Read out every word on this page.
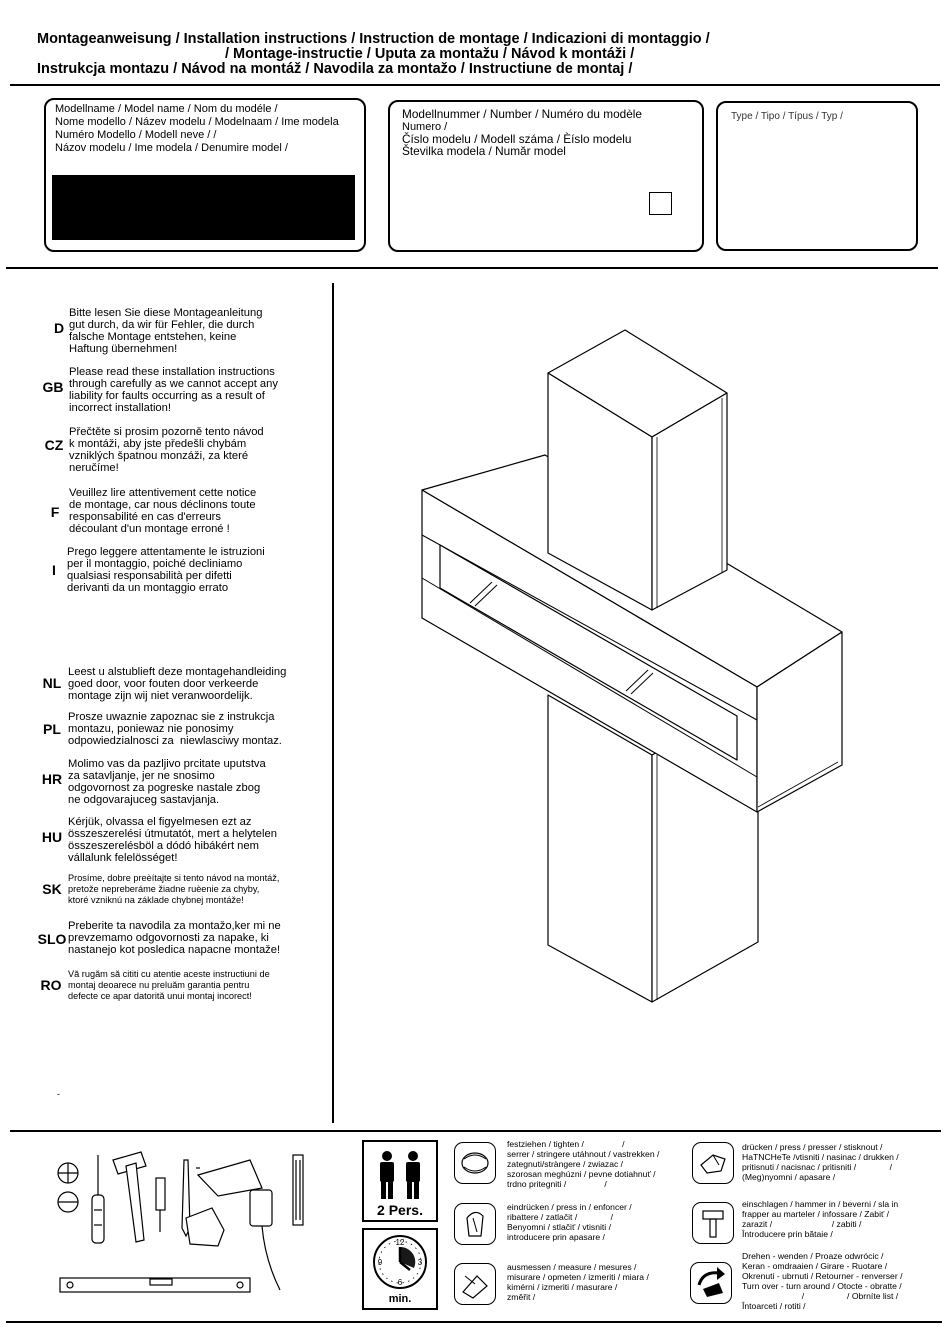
Montageanweisung / Installation instructions / Instruction de montage / Indicazioni di montaggio /
/ Montage-instructie / Uputa za montažu / Návod k montáži /
Instrukcja montazu / Návod na montáž / Navodila za montažo / Instructiune de montaj /
Modellname / Model name / Nom du modéle /
Nome modello / Název modelu / Modelnaam / Ime modela
Numéro Modello / Modell neve / /
Názov modelu / Ime modela / Denumire model /
Modellnummer / Number / Numéro du modèle
Numero /
Číslo modelu / Modell száma / Èíslo modelu
Številka modela / Număr model
Type / Tipo / Típus / Typ /
D
Bitte lesen Sie diese Montageanleitung
gut durch, da wir für Fehler, die durch
falsche Montage entstehen, keine
Haftung übernehmen!
GB
Please read these installation instructions
through carefully as we cannot accept any
liability for faults occurring as a result of
incorrect installation!
CZ
Přečtěte si prosim pozorně tento návod
k montáži, aby jste předešli chybám
vzniklých špatnou monzáži, za které
neručíme!
F
Veuillez lire attentivement cette notice
de montage, car nous déclinons toute
responsabilité en cas d'erreurs
découlant d'un montage erroné !
I
Prego leggere attentamente le istruzioni
per il montaggio, poiché decliniamo
qualsiasi responsabilità per difetti
derivanti da un montaggio errato
NL
Leest u alstublieft deze montagehandleiding
goed door, voor fouten door verkeerde
montage zijn wij niet veranwoordelijk.
PL
Prosze uwaznie zapoznac sie z instrukcja
montazu, poniewaz nie ponosimy
odpowiedzialnosci za  niewlasciwy montaz.
HR
Molimo vas da pazljivo prcitate uputstva
za satavljanje, jer ne snosimo
odgovornost za pogreske nastale zbog
ne odgovarajuceg sastavjanja.
HU
Kérjük, olvassa el figyelmesen ezt az
összeszerelési útmutatót, mert a helytelen
összeszerelésböl a dódó hibákért nem
vállalunk felelösséget!
SK
Prosíme, dobre preèítajte si tento návod na montáž,
pretože nepreberáme žiadne ruèenie za chyby,
ktoré vzniknú na základe chybnej montáže!
SLO
Preberite ta navodila za montažo,ker mi ne
prevzemamo odgovornosti za napake, ki
nastanejo kot posledica napacne montaže!
RO
Vă rugăm să cititi cu atentie aceste instructiuni de
montaj deoarece nu preluăm garantia pentru
defecte ce apar datorită unui montaj incorect!
-
2 Pers.
12
3
6
9
min.
festziehen / tighten /                /
serrer / stringere utáhnout / vastrekken /
zategnuti/stràngere / zwiazac /
szorosan meghúzni / pevne dotiahnuť /
trdno pritegniti /                /
drücken / press / presser / stisknout /
HaTNCHeTe /vtisniti / nasinac / drukken /
pritisnuti / nacisnac / pritisniti /              /
(Meg)nyomni / apasare /
eindrücken / press in / enfoncer /
ribattere / zatlačit /              /
Benyomni / stlačiť / vtisniti /
introducere prin apasare /
einschlagen / hammer in / beverni / sla in
frapper au marteler / infossare / Zabiť /
zarazit /                         / zabiti /
Întroducere prin bătaie /
ausmessen / measure / mesures /
misurare / opmeten / izmeriti / miara /
kimérni / izmeriti / masurare /
změřit /
Drehen - wenden / Proaze odwrócic /
Keran - omdraaien / Girare - Ruotare /
Okrenuti - ubrnuti / Retourner - renverser /
Turn over - turn around / Otocte - obratte /
/                  / Obrníte list /
Întoarceti / rotiti /
